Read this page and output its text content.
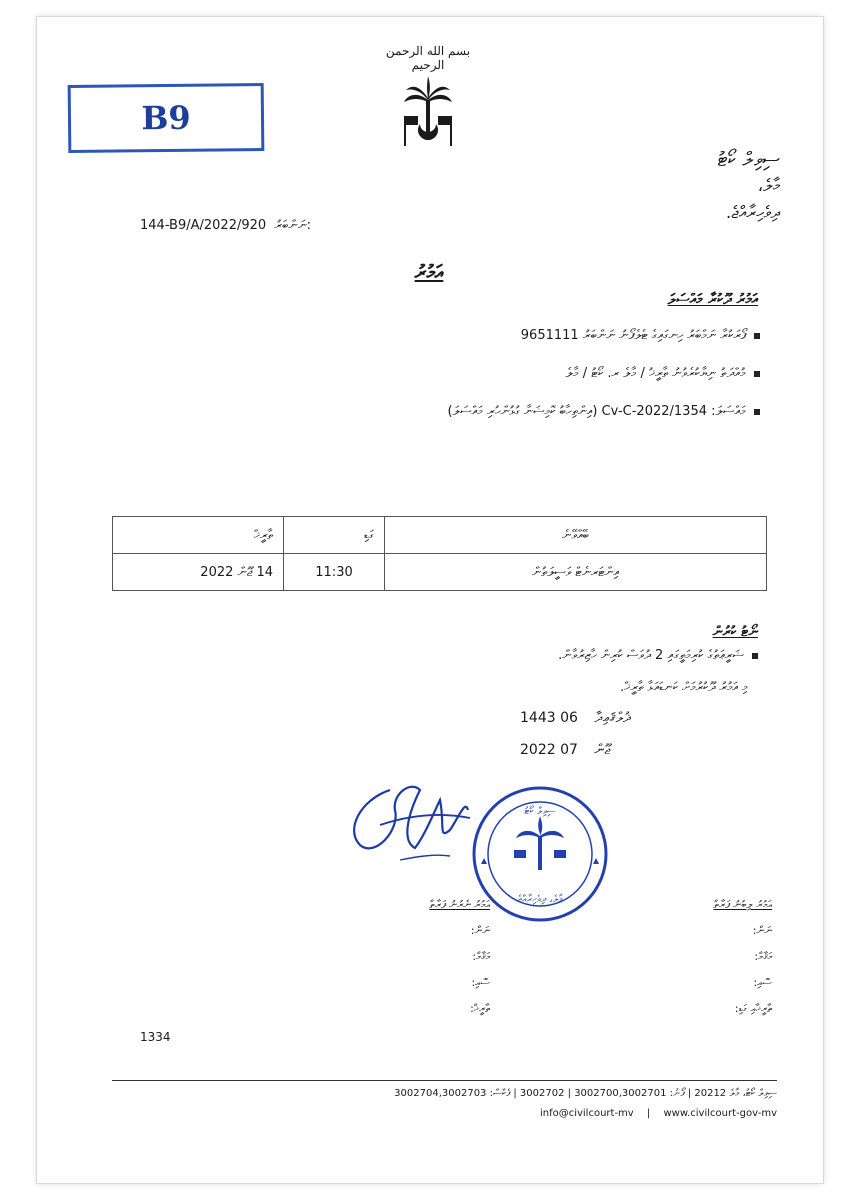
B9
بسم الله الرحمن الرحيم
ސިވިލް ކޯޓު
މާލެ،
ދިވެހިރާއްޖެ.
144-B9/A/2022/920 ނަންބަރު:
އަމުރު
އަމުރު ދޫކުރާ މައްސަލަ
ފޯރަކުރާ ނަމްބަރު ހިނގައިގެ ޓެލެފޯނު ނަންބަރު 9651111
މުއްދަތު ނިޔާކުރެވުނު ތާރީޚު / މާލެ ރ. ކޯޓު / މާލެ
މައްސަލަ: 1354/Cv-C-2022 (އިންތިހާބު ކޮމިޝަނާ ގުޅުންހުރި މައްސަލަ)
ތާރީޚް	ގަޑި	ބޭއްވޭނެ
14 ޖޫން 2022	11:30	އިންޓަރނެޓް ވަސީލަތުން
ނޯޓު ކުރުން
ޝަރީޢަތުގެ ކުރިމަތީގައި 2 ދުވަސް ކުރިން ހާޒިރުވާން.
މި އަމުރު ދޫކުރުމަށް ކަނޑައަޅާ ތާރީޚް.
1443	ޛުލްޤަޢިދާ 06
2022	ޖޫން 07
ސިވިލް ކޯޓު
މާލެ، ދިވެހިރާއްޖެ
އަމުރު ނެރުނު ފަރާތް
ނަން:
މަޤާމް:
ސޮއި:
ތާރީޚް:
އަމުރު ލިބުނު ފަރާތް
ނަން:
މަޤާމް:
ސޮއި:
ތާރީޚާއި ގަޑި:
1334
ސިވިލް ކޯޓު، މާލެ 20212 | ފޯނު: 3002700,3002701 | 3002702 | ފެކްސް: 3002704,3002703
info@civilcourt-mv | www.civilcourt-gov-mv
